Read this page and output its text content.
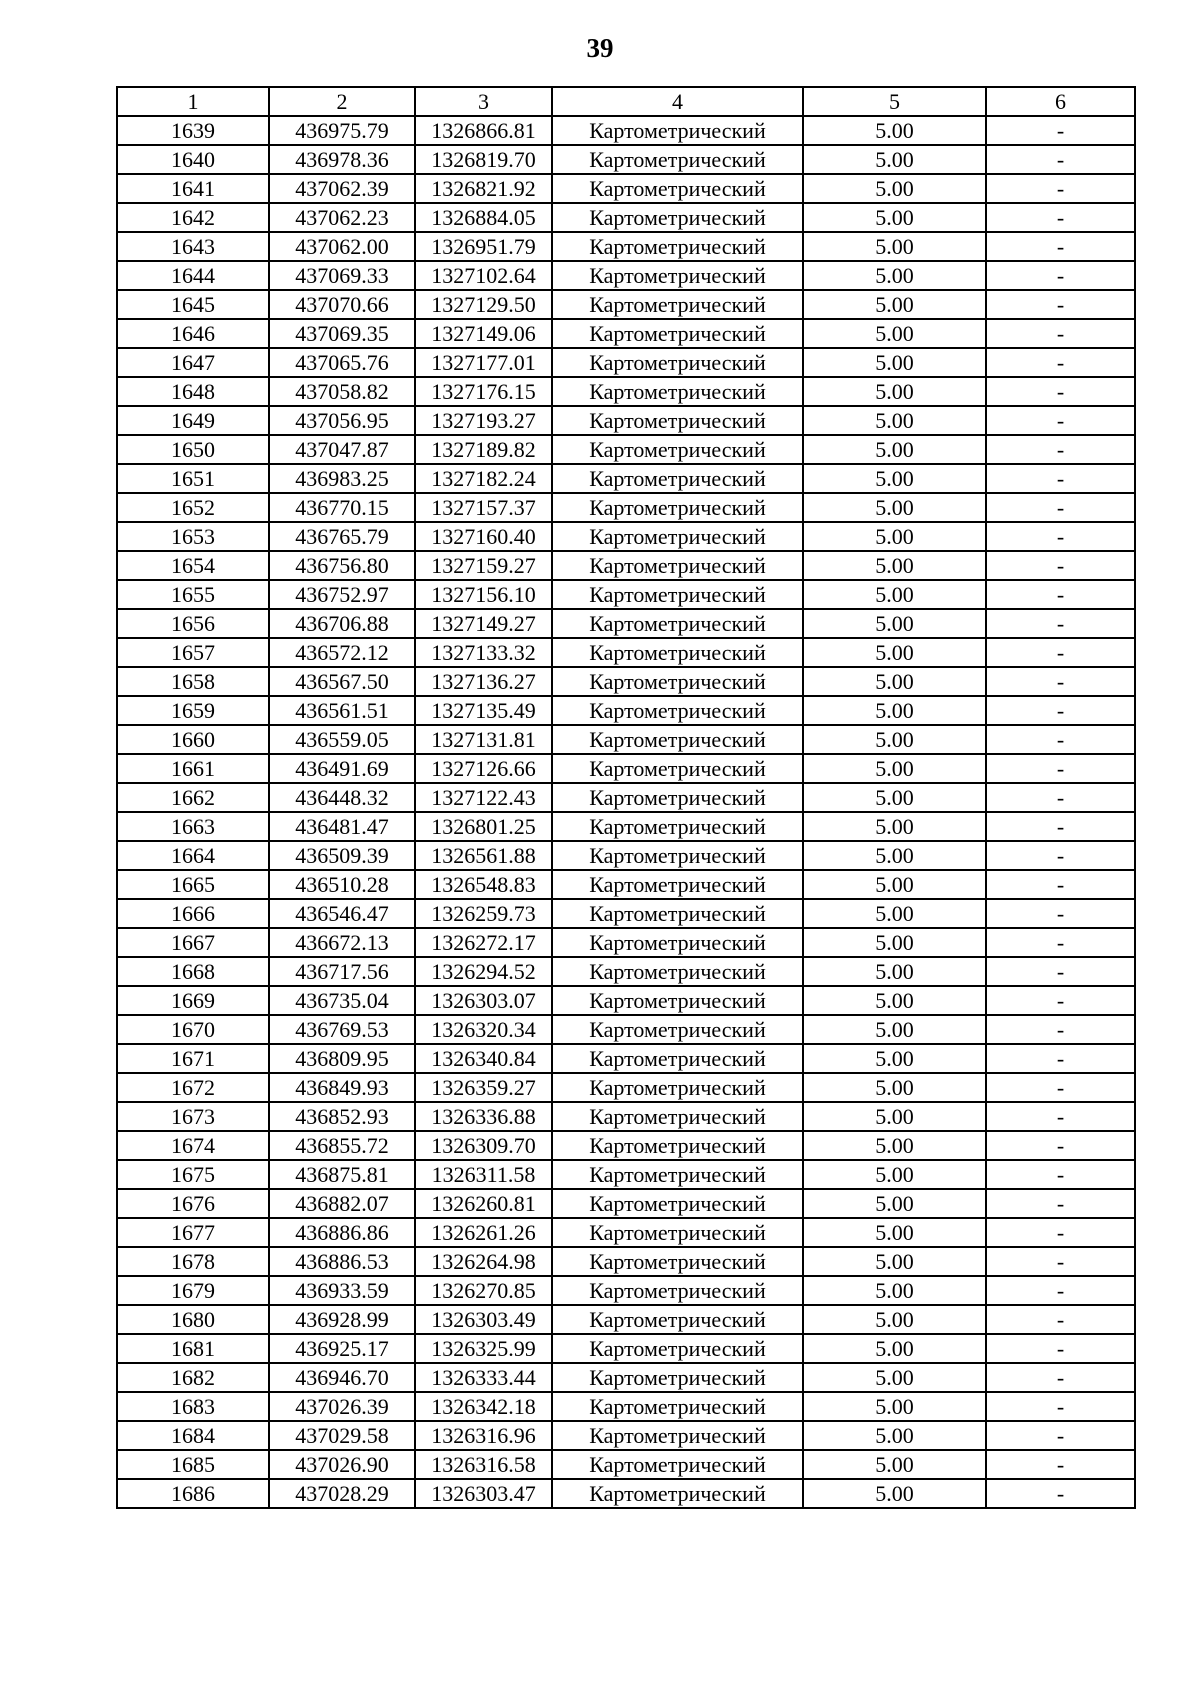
39
1	2	3	4	5	6
1639	436975.79	1326866.81	Картометрический	5.00	-
1640	436978.36	1326819.70	Картометрический	5.00	-
1641	437062.39	1326821.92	Картометрический	5.00	-
1642	437062.23	1326884.05	Картометрический	5.00	-
1643	437062.00	1326951.79	Картометрический	5.00	-
1644	437069.33	1327102.64	Картометрический	5.00	-
1645	437070.66	1327129.50	Картометрический	5.00	-
1646	437069.35	1327149.06	Картометрический	5.00	-
1647	437065.76	1327177.01	Картометрический	5.00	-
1648	437058.82	1327176.15	Картометрический	5.00	-
1649	437056.95	1327193.27	Картометрический	5.00	-
1650	437047.87	1327189.82	Картометрический	5.00	-
1651	436983.25	1327182.24	Картометрический	5.00	-
1652	436770.15	1327157.37	Картометрический	5.00	-
1653	436765.79	1327160.40	Картометрический	5.00	-
1654	436756.80	1327159.27	Картометрический	5.00	-
1655	436752.97	1327156.10	Картометрический	5.00	-
1656	436706.88	1327149.27	Картометрический	5.00	-
1657	436572.12	1327133.32	Картометрический	5.00	-
1658	436567.50	1327136.27	Картометрический	5.00	-
1659	436561.51	1327135.49	Картометрический	5.00	-
1660	436559.05	1327131.81	Картометрический	5.00	-
1661	436491.69	1327126.66	Картометрический	5.00	-
1662	436448.32	1327122.43	Картометрический	5.00	-
1663	436481.47	1326801.25	Картометрический	5.00	-
1664	436509.39	1326561.88	Картометрический	5.00	-
1665	436510.28	1326548.83	Картометрический	5.00	-
1666	436546.47	1326259.73	Картометрический	5.00	-
1667	436672.13	1326272.17	Картометрический	5.00	-
1668	436717.56	1326294.52	Картометрический	5.00	-
1669	436735.04	1326303.07	Картометрический	5.00	-
1670	436769.53	1326320.34	Картометрический	5.00	-
1671	436809.95	1326340.84	Картометрический	5.00	-
1672	436849.93	1326359.27	Картометрический	5.00	-
1673	436852.93	1326336.88	Картометрический	5.00	-
1674	436855.72	1326309.70	Картометрический	5.00	-
1675	436875.81	1326311.58	Картометрический	5.00	-
1676	436882.07	1326260.81	Картометрический	5.00	-
1677	436886.86	1326261.26	Картометрический	5.00	-
1678	436886.53	1326264.98	Картометрический	5.00	-
1679	436933.59	1326270.85	Картометрический	5.00	-
1680	436928.99	1326303.49	Картометрический	5.00	-
1681	436925.17	1326325.99	Картометрический	5.00	-
1682	436946.70	1326333.44	Картометрический	5.00	-
1683	437026.39	1326342.18	Картометрический	5.00	-
1684	437029.58	1326316.96	Картометрический	5.00	-
1685	437026.90	1326316.58	Картометрический	5.00	-
1686	437028.29	1326303.47	Картометрический	5.00	-
